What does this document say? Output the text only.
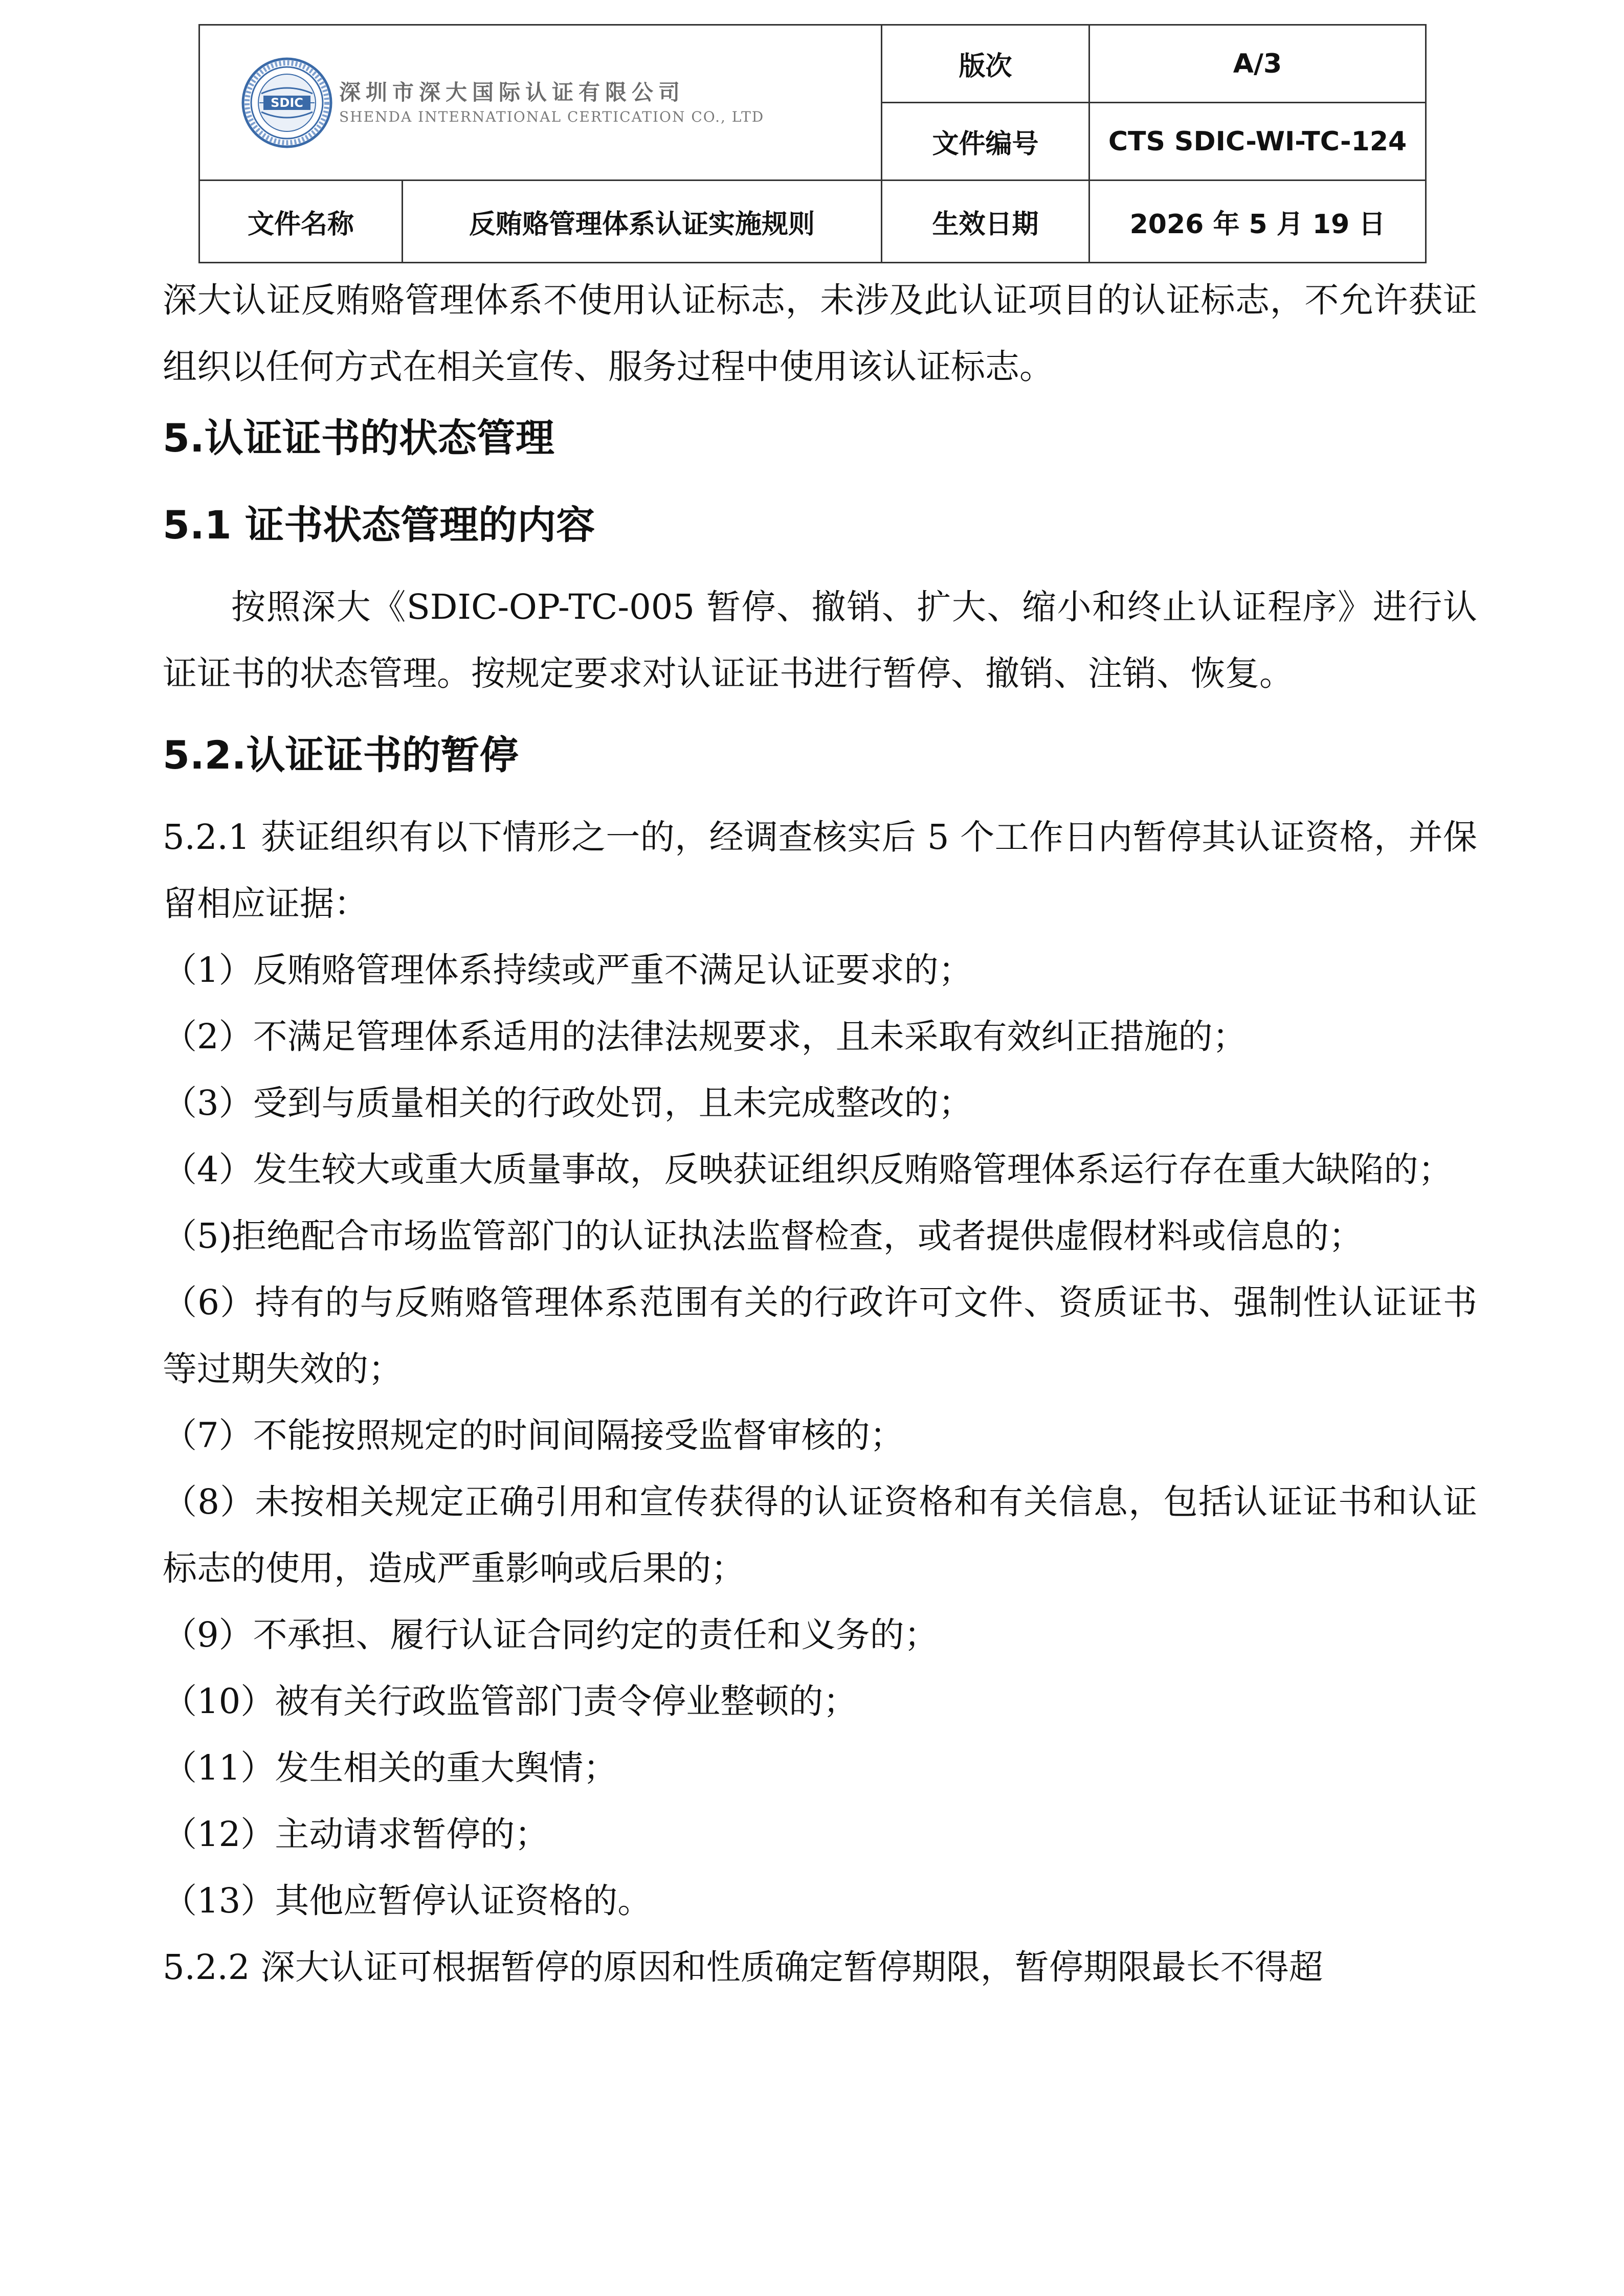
SDIC 深圳市深大国际认证有限公司
SHENDA INTERNATIONAL CERTICATION CO., LTD		版次	A/3
		文件编号	CTS SDIC-WI-TC-124
文件名称	反贿赂管理体系认证实施规则	生效日期	2026 年 5 月 19 日

深大认证反贿赂管理体系不使用认证标志，未涉及此认证项目的认证标志，不允许获证组织以任何方式在相关宣传、服务过程中使用该认证标志。

5.认证证书的状态管理
5.1 证书状态管理的内容

按照深大《SDIC-OP-TC-005 暂停、撤销、扩大、缩小和终止认证程序》进行认证证书的状态管理。按规定要求对认证证书进行暂停、撤销、注销、恢复。

5.2.认证证书的暂停

5.2.1 获证组织有以下情形之一的，经调查核实后 5 个工作日内暂停其认证资格，并保留相应证据：

（1）反贿赂管理体系持续或严重不满足认证要求的；

（2）不满足管理体系适用的法律法规要求，且未采取有效纠正措施的；

（3）受到与质量相关的行政处罚，且未完成整改的；

（4）发生较大或重大质量事故，反映获证组织反贿赂管理体系运行存在重大缺陷的；

（5)拒绝配合市场监管部门的认证执法监督检查，或者提供虚假材料或信息的；

（6）持有的与反贿赂管理体系范围有关的行政许可文件、资质证书、强制性认证证书等过期失效的；

（7）不能按照规定的时间间隔接受监督审核的；

（8）未按相关规定正确引用和宣传获得的认证资格和有关信息，包括认证证书和认证标志的使用，造成严重影响或后果的；

（9）不承担、履行认证合同约定的责任和义务的；

（10）被有关行政监管部门责令停业整顿的；

（11）发生相关的重大舆情；

（12）主动请求暂停的；

（13）其他应暂停认证资格的。

5.2.2 深大认证可根据暂停的原因和性质确定暂停期限，暂停期限最长不得超
